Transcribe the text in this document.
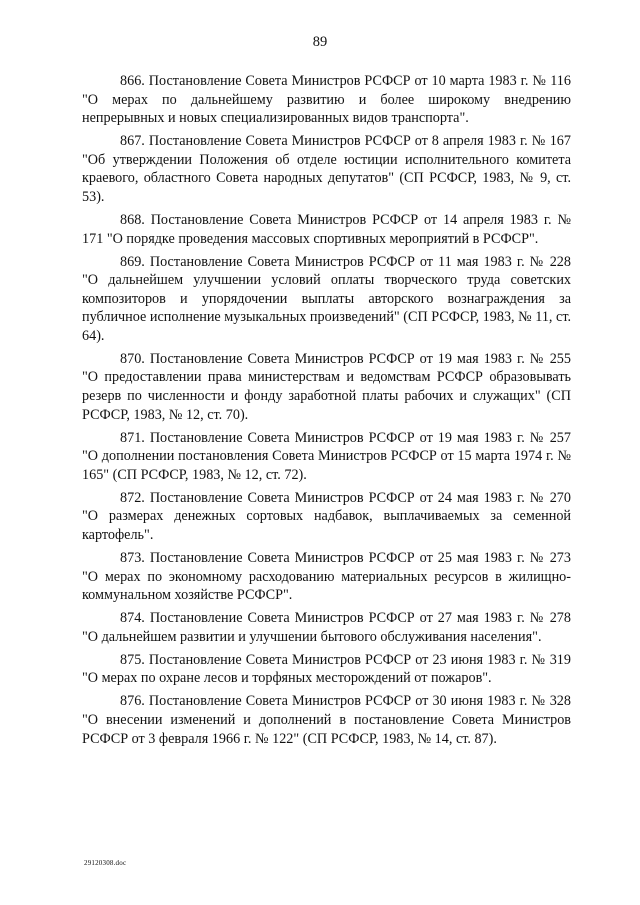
89

866. Постановление Совета Министров РСФСР от 10 марта 1983 г. № 116 "О мерах по дальнейшему развитию и более широкому внедрению непрерывных и новых специализированных видов транспорта".

867. Постановление Совета Министров РСФСР от 8 апреля 1983 г. № 167 "Об утверждении Положения об отделе юстиции исполнительного комитета краевого, областного Совета народных депутатов" (СП РСФСР, 1983, № 9, ст. 53).

868. Постановление Совета Министров РСФСР от 14 апреля 1983 г. № 171 "О порядке проведения массовых спортивных мероприятий в РСФСР".

869. Постановление Совета Министров РСФСР от 11 мая 1983 г. № 228 "О дальнейшем улучшении условий оплаты творческого труда советских композиторов и упорядочении выплаты авторского вознаграждения за публичное исполнение музыкальных произведений" (СП РСФСР, 1983, № 11, ст. 64).

870. Постановление Совета Министров РСФСР от 19 мая 1983 г. № 255 "О предоставлении права министерствам и ведомствам РСФСР образовывать резерв по численности и фонду заработной платы рабочих и служащих" (СП РСФСР, 1983, № 12, ст. 70).

871. Постановление Совета Министров РСФСР от 19 мая 1983 г. № 257 "О дополнении постановления Совета Министров РСФСР от 15 марта 1974 г. № 165" (СП РСФСР, 1983, № 12, ст. 72).

872. Постановление Совета Министров РСФСР от 24 мая 1983 г. № 270 "О размерах денежных сортовых надбавок, выплачиваемых за семенной картофель".

873. Постановление Совета Министров РСФСР от 25 мая 1983 г. № 273 "О мерах по экономному расходованию материальных ресурсов в жилищно-коммунальном хозяйстве РСФСР".

874. Постановление Совета Министров РСФСР от 27 мая 1983 г. № 278 "О дальнейшем развитии и улучшении бытового обслуживания населения".

875. Постановление Совета Министров РСФСР от 23 июня 1983 г. № 319 "О мерах по охране лесов и торфяных месторождений от пожаров".

876. Постановление Совета Министров РСФСР от 30 июня 1983 г. № 328 "О внесении изменений и дополнений в постановление Совета Министров РСФСР от 3 февраля 1966 г. № 122" (СП РСФСР, 1983, № 14, ст. 87).

29120308.doc
